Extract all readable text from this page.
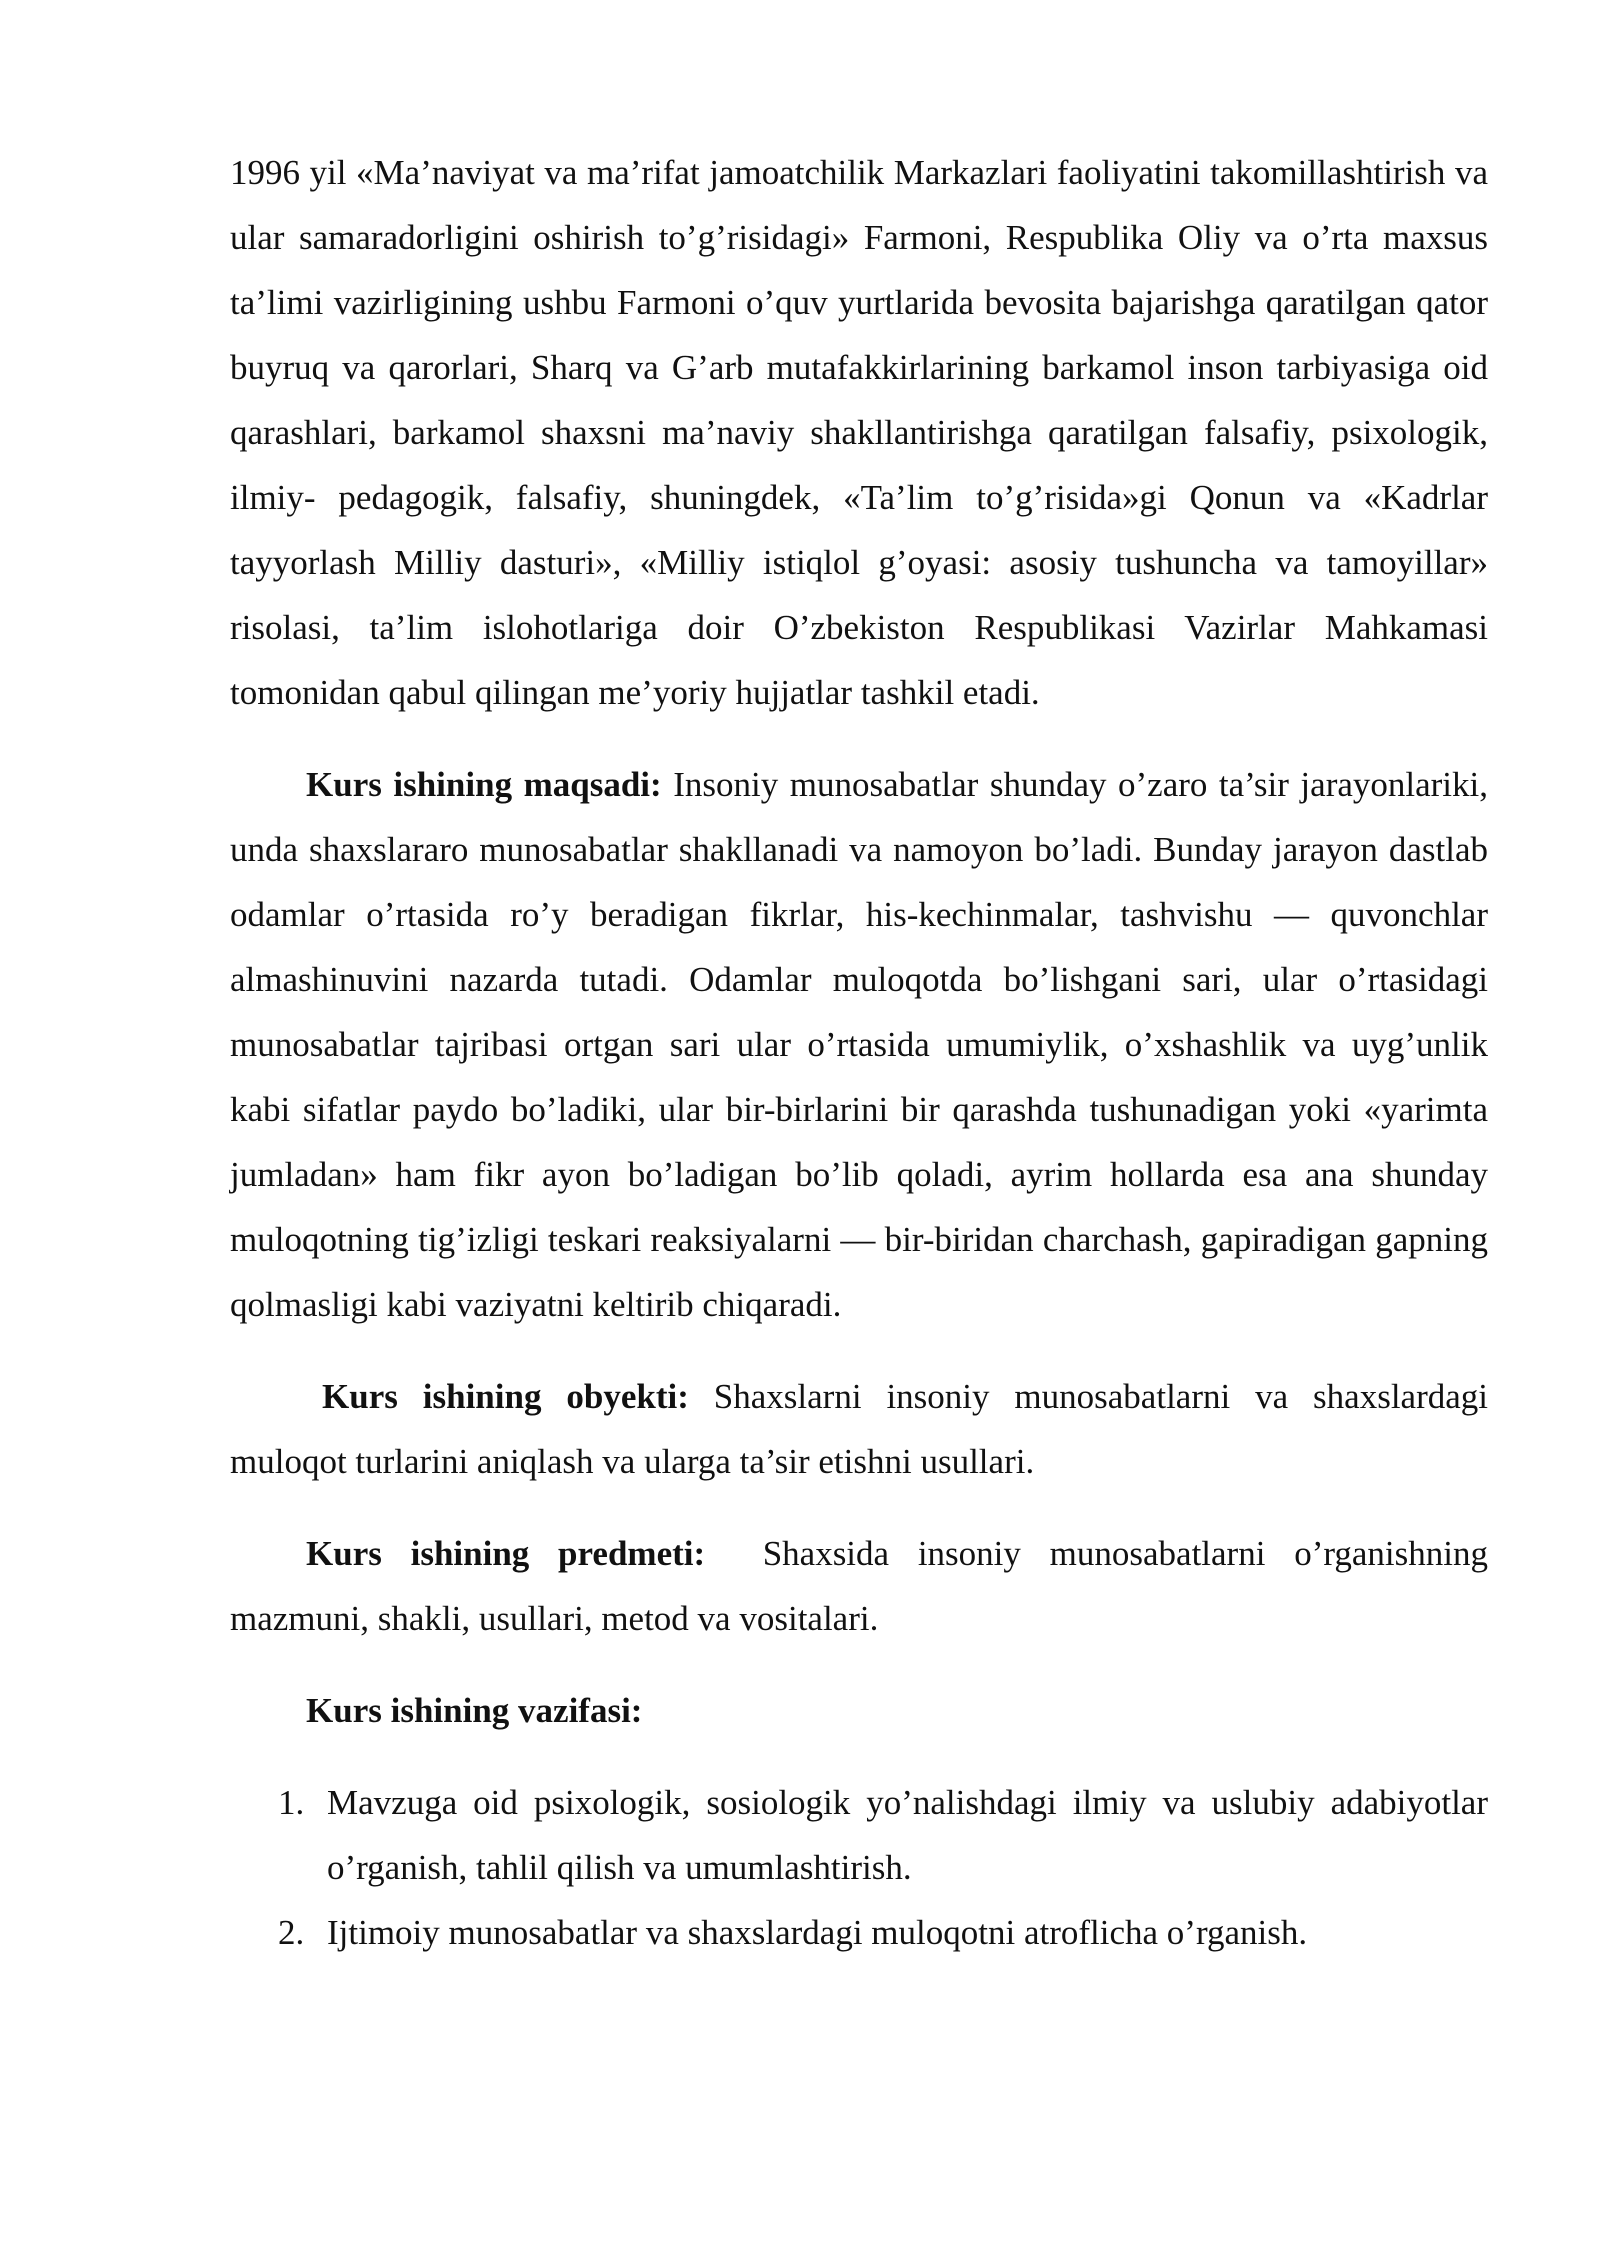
1996 yil «Ma’naviyat va ma’rifat jamoatchilik Markazlari faoliyatini takomillashtirish va ular samaradorligini oshirish to’g’risidagi» Farmoni, Respublika Oliy va o’rta maxsus ta’limi vazirligining ushbu Farmoni o’quv yurtlarida bevosita bajarishga qaratilgan qator buyruq va qarorlari, Sharq va G’arb mutafakkirlarining barkamol inson tarbiyasiga oid qarashlari, barkamol shaxsni ma’naviy shakllantirishga qaratilgan falsafiy, psixologik, ilmiy- pedagogik, falsafiy, shuningdek, «Ta’lim to’g’risida»gi Qonun va «Kadrlar tayyorlash Milliy dasturi», «Milliy istiqlol g’oyasi: asosiy tushuncha va tamoyillar» risolasi, ta’lim islohotlariga doir O’zbekiston Respublikasi Vazirlar Mahkamasi tomonidan qabul qilingan me’yoriy hujjatlar tashkil etadi.

Kurs ishining maqsadi: Insoniy munosabatlar shunday o’zaro ta’sir jarayonlariki, unda shaxslararo munosabatlar shakllanadi va namoyon bo’ladi. Bunday jarayon dastlab odamlar o’rtasida ro’y beradigan fikrlar, his-kechinmalar, tashvishu — quvonchlar almashinuvini nazarda tutadi. Odamlar muloqotda bo’lishgani sari, ular o’rtasidagi munosabatlar tajribasi ortgan sari ular o’rtasida umumiylik, o’xshashlik va uyg’unlik kabi sifatlar paydo bo’ladiki, ular bir-birlarini bir qarashda tushunadigan yoki «yarimta jumladan» ham fikr ayon bo’ladigan bo’lib qoladi, ayrim hollarda esa ana shunday muloqotning tig’izligi teskari reaksiyalarni — bir-biridan charchash, gapiradigan gapning qolmasligi kabi vaziyatni keltirib chiqaradi.

Kurs ishining obyekti: Shaxslarni insoniy munosabatlarni va shaxslardagi muloqot turlarini aniqlash va ularga ta’sir etishni usullari.

Kurs ishining predmeti: Shaxsida insoniy munosabatlarni o’rganishning mazmuni, shakli, usullari, metod va vositalari.

Kurs ishining vazifasi:

1. Mavzuga oid psixologik, sosiologik yo’nalishdagi ilmiy va uslubiy adabiyotlar o’rganish, tahlil qilish va umumlashtirish.
2. Ijtimoiy munosabatlar va shaxslardagi muloqotni atroflicha o’rganish.
